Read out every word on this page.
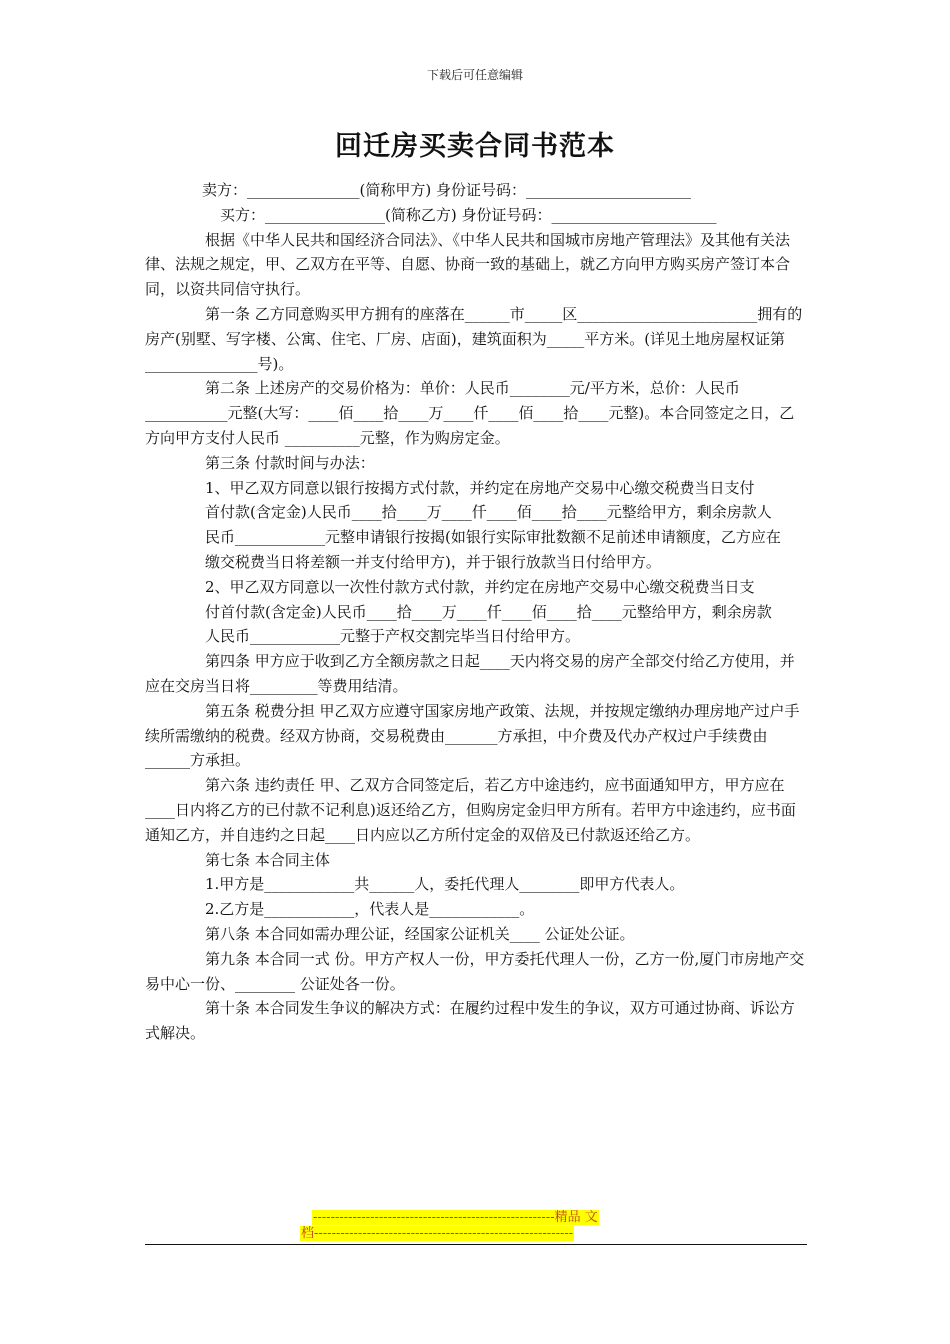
下载后可任意编辑
回迁房买卖合同书范本

卖方：_______________(简称甲方) 身份证号码：______________________

买方：________________(简称乙方) 身份证号码：______________________

根据《中华人民共和国经济合同法》、《中华人民共和国城市房地产管理法》及其他有关法律、法规之规定，甲、乙双方在平等、自愿、协商一致的基础上，就乙方向甲方购买房产签订本合同，以资共同信守执行。

第一条 乙方同意购买甲方拥有的座落在______市_____区________________________拥有的房产(别墅、写字楼、公寓、住宅、厂房、店面)，建筑面积为_____平方米。(详见土地房屋权证第_______________号)。

第二条 上述房产的交易价格为：单价：人民币________元/平方米，总价：人民币___________元整(大写：____佰____拾____万____仟____佰____拾____元整)。本合同签定之日，乙方向甲方支付人民币 __________元整，作为购房定金。

第三条 付款时间与办法：

1、甲乙双方同意以银行按揭方式付款，并约定在房地产交易中心缴交税费当日支付

首付款(含定金)人民币____拾____万____仟____佰____拾____元整给甲方，剩余房款人

民币____________元整申请银行按揭(如银行实际审批数额不足前述申请额度，乙方应在

缴交税费当日将差额一并支付给甲方)，并于银行放款当日付给甲方。

2、甲乙双方同意以一次性付款方式付款，并约定在房地产交易中心缴交税费当日支

付首付款(含定金)人民币____拾____万____仟____佰____拾____元整给甲方，剩余房款

人民币____________元整于产权交割完毕当日付给甲方。

第四条 甲方应于收到乙方全额房款之日起____天内将交易的房产全部交付给乙方使用，并应在交房当日将_________等费用结清。

第五条 税费分担 甲乙双方应遵守国家房地产政策、法规，并按规定缴纳办理房地产过户手续所需缴纳的税费。经双方协商，交易税费由_______方承担，中介费及代办产权过户手续费由______方承担。

第六条 违约责任 甲、乙双方合同签定后，若乙方中途违约，应书面通知甲方，甲方应在____日内将乙方的已付款不记利息)返还给乙方，但购房定金归甲方所有。若甲方中途违约，应书面通知乙方，并自违约之日起____日内应以乙方所付定金的双倍及已付款返还给乙方。

第七条 本合同主体

1.甲方是____________共______人，委托代理人________即甲方代表人。

2.乙方是____________，代表人是____________。

第八条 本合同如需办理公证，经国家公证机关____ 公证处公证。

第九条 本合同一式 份。甲方产权人一份，甲方委托代理人一份，乙方一份,厦门市房地产交易中心一份、________ 公证处各一份。

第十条 本合同发生争议的解决方式：在履约过程中发生的争议，双方可通过协商、诉讼方式解决。

-------------------------------------------------------精品 文
档-----------------------------------------------------------
